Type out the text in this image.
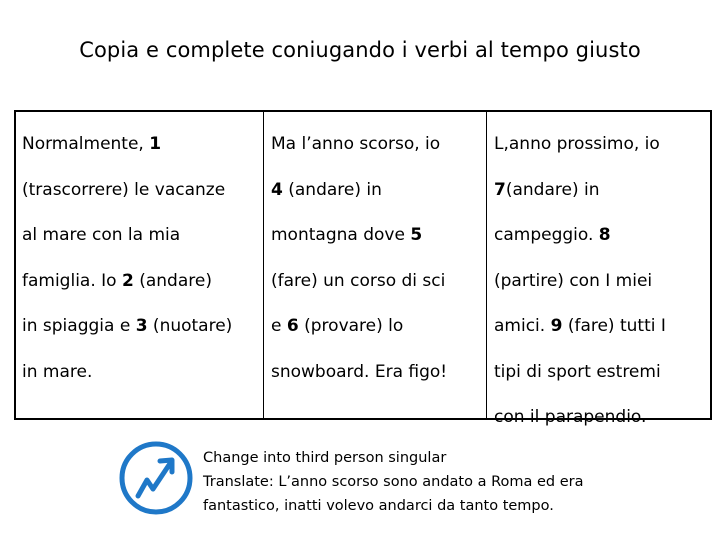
Copia e complete coniugando i verbi al tempo giusto
Normalmente, 1
(trascorrere) le vacanze
al mare con la mia
famiglia. Io 2 (andare)
in spiaggia e 3 (nuotare)
in mare.
Ma l’anno scorso, io
4 (andare) in
montagna dove 5
(fare) un corso di sci
e 6 (provare) lo
snowboard. Era figo!
L,anno prossimo, io
7(andare) in
campeggio. 8
(partire) con I miei
amici. 9 (fare) tutti I
tipi di sport estremi
con il parapendio.
Change into third person singular
Translate: L’anno scorso sono andato a Roma ed era
fantastico, inatti volevo andarci da tanto tempo.
